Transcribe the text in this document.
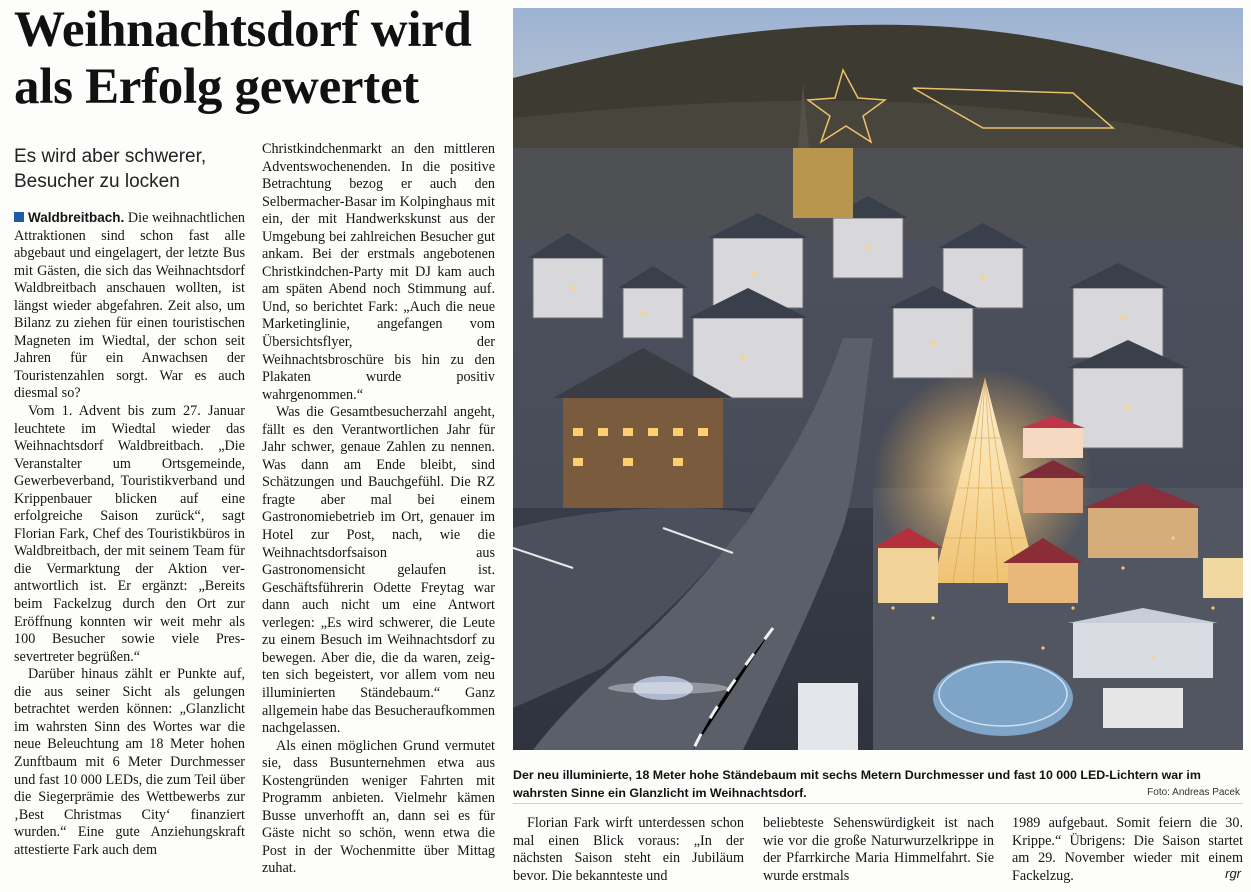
Weihnachtsdorf wird
als Erfolg gewertet
Es wird aber schwerer,
Besucher zu locken

Waldbreitbach. Die weihnachtlichen Attraktionen sind schon fast alle abgebaut und eingelagert, der letzte Bus mit Gästen, die sich das Weihnachtsdorf Waldbreitbach anschauen wollten, ist längst wieder abgefahren. Zeit also, um Bilanz zu ziehen für einen touristischen Magneten im Wiedtal, der schon seit Jahren für ein Anwachsen der Touristenzahlen sorgt. War es auch diesmal so?

Vom 1. Advent bis zum 27. Januar leuchtete im Wiedtal wieder das Weihnachtsdorf Waldbreitbach. „Die Veranstalter um Ortsgemeinde, Gewerbeverband, Touristikverband und Krippenbauer blicken auf eine erfolgreiche Saison zurück“, sagt Florian Fark, Chef des Touristikbüros in Waldbreitbach, der mit seinem Team für die Vermarktung der Aktion verantwortlich ist. Er ergänzt: „Bereits beim Fackelzug durch den Ort zur Eröffnung konnten wir weit mehr als 100 Besucher sowie viele Pressevertreter begrüßen.“

Darüber hinaus zählt er Punkte auf, die aus seiner Sicht als gelungen betrachtet werden können: „Glanzlicht im wahrsten Sinn des Wortes war die neue Beleuchtung am 18 Meter hohen Zunftbaum mit 6 Meter Durchmesser und fast 10 000 LEDs, die zum Teil über die Siegerprämie des Wettbewerbs zur ‚Best Christmas City‘ finanziert wurden.“ Eine gute Anziehungskraft attestierte Fark auch dem

Christkindchenmarkt an den mittleren Adventswochenenden. In die positive Betrachtung bezog er auch den Selbermacher-Basar im Kolpinghaus mit ein, der mit Handwerkskunst aus der Umgebung bei zahlreichen Besucher gut ankam. Bei der erstmals angebotenen Christkindchen-Party mit DJ kam auch am späten Abend noch Stimmung auf. Und, so berichtet Fark: „Auch die neue Marketinglinie, angefangen vom Übersichtsflyer, der Weihnachtsbroschüre bis hin zu den Plakaten wurde positiv wahrgenommen.“

Was die Gesamtbesucherzahl angeht, fällt es den Verantwortlichen Jahr für Jahr schwer, genaue Zahlen zu nennen. Was dann am Ende bleibt, sind Schätzungen und Bauchgefühl. Die RZ fragte aber mal bei einem Gastronomiebetrieb im Ort, genauer im Hotel zur Post, nach, wie die Weihnachtsdorfsaison aus Gastronomensicht gelaufen ist. Geschäftsführerin Odette Freytag war dann auch nicht um eine Antwort verlegen: „Es wird schwerer, die Leute zu einem Besuch im Weihnachtsdorf zu bewegen. Aber die, die da waren, zeigten sich begeistert, vor allem vom neu illuminierten Ständebaum.“ Ganz allgemein habe das Besucheraufkommen nachgelassen.

Als einen möglichen Grund vermutet sie, dass Busunternehmen etwa aus Kostengründen weniger Fahrten mit Programm anbieten. Vielmehr kämen Busse unverhofft an, dann sei es für Gäste nicht so schön, wenn etwa die Post in der Wochenmitte über Mittag zuhat.

Der neu illuminierte, 18 Meter hohe Ständebaum mit sechs Metern Durchmesser und fast 10 000 LED-Lichtern war im wahrsten Sinne ein Glanzlicht im Weihnachtsdorf.	Foto: Andreas Pacek

Florian Fark wirft unterdessen schon mal einen Blick voraus: „In der nächsten Saison steht ein Jubiläum bevor. Die bekannteste und

beliebteste Sehenswürdigkeit ist nach wie vor die große Naturwurzelkrippe in der Pfarrkirche Maria Himmelfahrt. Sie wurde erstmals

1989 aufgebaut. Somit feiern die 30. Krippe.“ Übrigens: Die Saison startet am 29. November wieder mit einem Fackelzug.	rgr
